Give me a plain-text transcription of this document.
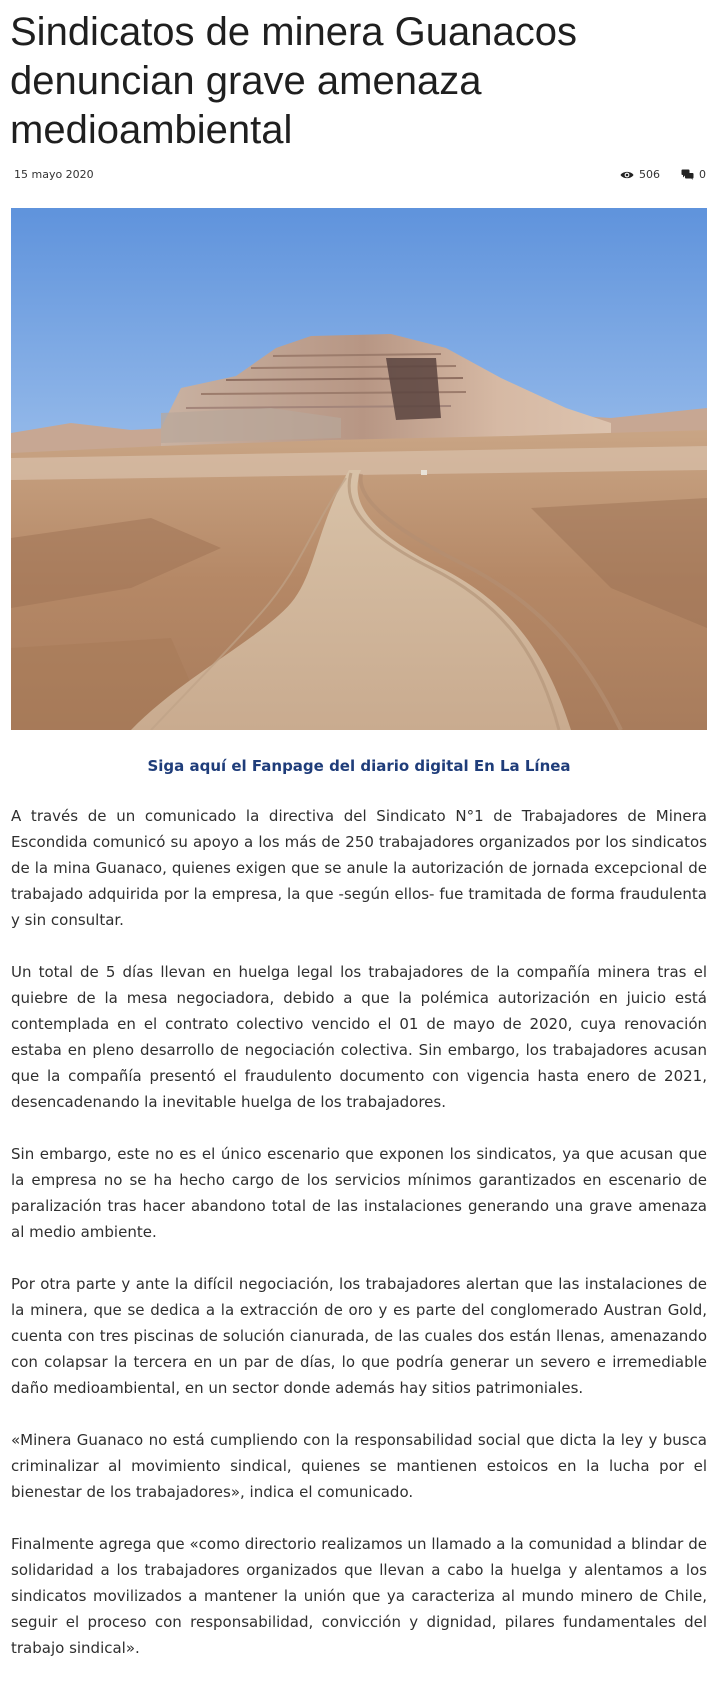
Sindicatos de minera Guanacos denuncian grave amenaza medioambiental
15 mayo 2020	506	0
Siga aquí el Fanpage del diario digital En La Línea

A través de un comunicado la directiva del Sindicato N°1 de Trabajadores de Minera Escondida comunicó su apoyo a los más de 250 trabajadores organizados por los sindicatos de la mina Guanaco, quienes exigen que se anule la autorización de jornada excepcional de trabajado adquirida por la empresa, la que -según ellos- fue tramitada de forma fraudulenta y sin consultar.

Un total de 5 días llevan en huelga legal los trabajadores de la compañía minera tras el quiebre de la mesa negociadora, debido a que la polémica autorización en juicio está contemplada en el contrato colectivo vencido el 01 de mayo de 2020, cuya renovación estaba en pleno desarrollo de negociación colectiva. Sin embargo, los trabajadores acusan que la compañía presentó el fraudulento documento con vigencia hasta enero de 2021, desencadenando la inevitable huelga de los trabajadores.

Sin embargo, este no es el único escenario que exponen los sindicatos, ya que acusan que la empresa no se ha hecho cargo de los servicios mínimos garantizados en escenario de paralización tras hacer abandono total de las instalaciones generando una grave amenaza al medio ambiente.

Por otra parte y ante la difícil negociación, los trabajadores alertan que las instalaciones de la minera, que se dedica a la extracción de oro y es parte del conglomerado Austran Gold, cuenta con tres piscinas de solución cianurada, de las cuales dos están llenas, amenazando con colapsar la tercera en un par de días, lo que podría generar un severo e irremediable daño medioambiental, en un sector donde además hay sitios patrimoniales.

«Minera Guanaco no está cumpliendo con la responsabilidad social que dicta la ley y busca criminalizar al movimiento sindical, quienes se mantienen estoicos en la lucha por el bienestar de los trabajadores», indica el comunicado.

Finalmente agrega que «como directorio realizamos un llamado a la comunidad a blindar de solidaridad a los trabajadores organizados que llevan a cabo la huelga y alentamos a los sindicatos movilizados a mantener la unión que ya caracteriza al mundo minero de Chile, seguir el proceso con responsabilidad, convicción y dignidad, pilares fundamentales del trabajo sindical».
